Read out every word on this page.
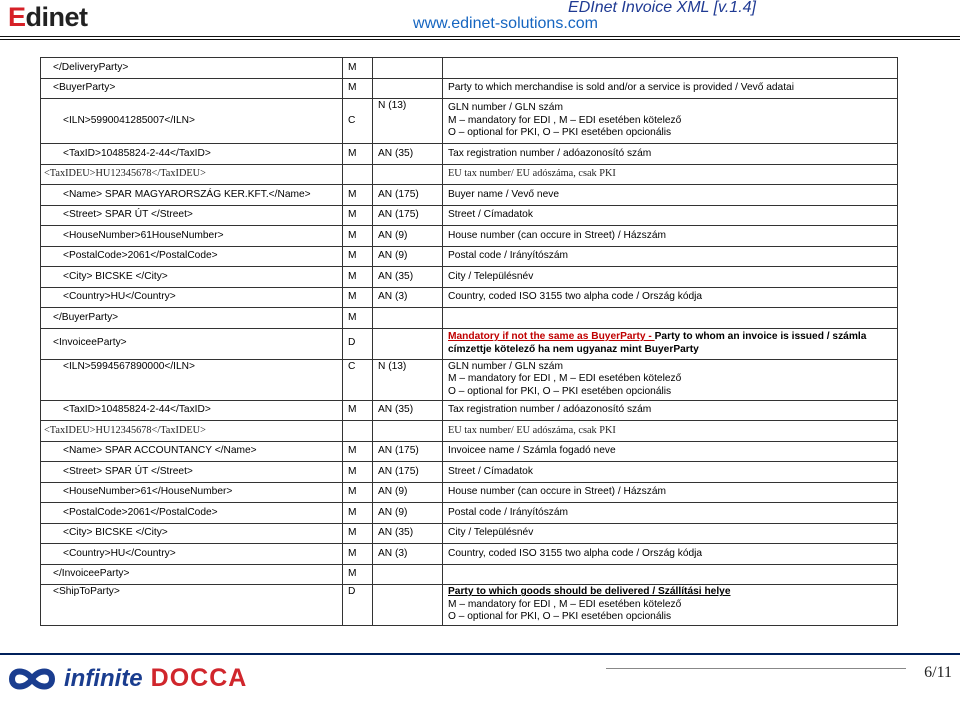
Edinet	EDInet Invoice XML [v.1.4]
www.edinet-solutions.com
</DeliveryParty>	M		
<BuyerParty>	M		Party to which merchandise is sold and/or a service is provided / Vevő adatai
<ILN>5990041285007</ILN>	C	N (13)	GLN number / GLN szám
M – mandatory for EDI , M – EDI esetében kötelező
O – optional for PKI, O – PKI esetében opcionális

<TaxID>10485824-2-44</TaxID>	M	AN (35)	Tax registration number / adóazonosító szám
<TaxIDEU>HU12345678</TaxIDEU>			EU tax number/ EU adószáma, csak PKI
<Name> SPAR MAGYARORSZÁG KER.KFT.</Name>	M	AN (175)	Buyer name / Vevő neve
<Street> SPAR ÚT </Street>	M	AN (175)	Street / Címadatok
<HouseNumber>61HouseNumber>	M	AN (9)	House number (can occure in Street) / Házszám
<PostalCode>2061</PostalCode>	M	AN (9)	Postal code / Irányítószám
<City> BICSKE </City>	M	AN (35)	City / Településnév
<Country>HU</Country>	M	AN (3)	Country, coded ISO 3155 two alpha code / Ország kódja
</BuyerParty>	M		
<InvoiceeParty>	D		Mandatory if not the same as BuyerParty - Party to whom an invoice is issued / számla címzettje kötelező ha nem ugyanaz mint BuyerParty
<ILN>5994567890000</ILN>	C	N (13)	GLN number / GLN szám
M – mandatory for EDI , M – EDI esetében kötelező
O – optional for PKI, O – PKI esetében opcionális

<TaxID>10485824-2-44</TaxID>	M	AN (35)	Tax registration number / adóazonosító szám
<TaxIDEU>HU12345678</TaxIDEU>			EU tax number/ EU adószáma, csak PKI
<Name> SPAR ACCOUNTANCY </Name>	M	AN (175)	Invoicee name / Számla fogadó neve
<Street> SPAR ÚT </Street>	M	AN (175)	Street / Címadatok
<HouseNumber>61</HouseNumber>	M	AN (9)	House number (can occure in Street) / Házszám
<PostalCode>2061</PostalCode>	M	AN (9)	Postal code / Irányítószám
<City> BICSKE </City>	M	AN (35)	City / Településnév
<Country>HU</Country>	M	AN (3)	Country, coded ISO 3155 two alpha code / Ország kódja
</InvoiceeParty>	M		
<ShipToParty>	D		Party to which goods should be delivered / Szállítási helye
M – mandatory for EDI , M – EDI esetében kötelező
O – optional for PKI, O – PKI esetében opcionális
infinite DOCCA	6/11
